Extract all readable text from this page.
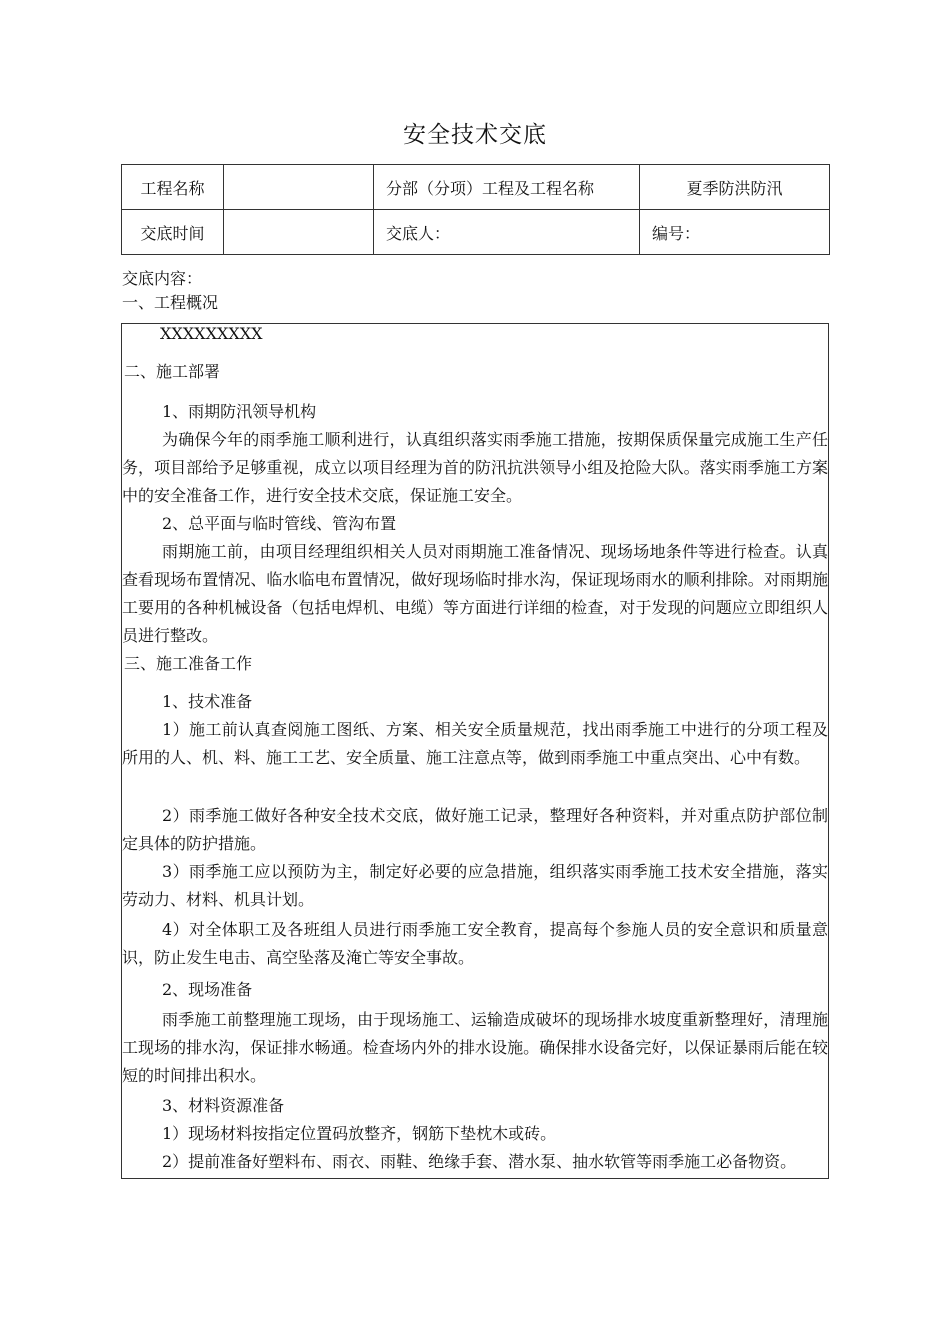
安全技术交底
工程名称		分部（分项）工程及工程名称	夏季防洪防汛
交底时间		交底人：	编号：
交底内容：
一、工程概况
XXXXXXXXX
二、施工部署
1、雨期防汛领导机构

为确保今年的雨季施工顺利进行，认真组织落实雨季施工措施，按期保质保量完成施工生产任务，项目部给予足够重视，成立以项目经理为首的防汛抗洪领导小组及抢险大队。落实雨季施工方案中的安全准备工作，进行安全技术交底，保证施工安全。

2、总平面与临时管线、管沟布置

雨期施工前，由项目经理组织相关人员对雨期施工准备情况、现场场地条件等进行检查。认真查看现场布置情况、临水临电布置情况，做好现场临时排水沟，保证现场雨水的顺利排除。对雨期施工要用的各种机械设备（包括电焊机、电缆）等方面进行详细的检查，对于发现的问题应立即组织人员进行整改。

三、施工准备工作
1、技术准备

1）施工前认真查阅施工图纸、方案、相关安全质量规范，找出雨季施工中进行的分项工程及所用的人、机、料、施工工艺、安全质量、施工注意点等，做到雨季施工中重点突出、心中有数。

2）雨季施工做好各种安全技术交底，做好施工记录，整理好各种资料，并对重点防护部位制定具体的防护措施。

3）雨季施工应以预防为主，制定好必要的应急措施，组织落实雨季施工技术安全措施，落实劳动力、材料、机具计划。

4）对全体职工及各班组人员进行雨季施工安全教育，提高每个参施人员的安全意识和质量意识，防止发生电击、高空坠落及淹亡等安全事故。

2、现场准备

雨季施工前整理施工现场，由于现场施工、运输造成破坏的现场排水坡度重新整理好，清理施工现场的排水沟，保证排水畅通。检查场内外的排水设施。确保排水设备完好，以保证暴雨后能在较短的时间排出积水。

3、材料资源准备

1）现场材料按指定位置码放整齐，钢筋下垫枕木或砖。

2）提前准备好塑料布、雨衣、雨鞋、绝缘手套、潜水泵、抽水软管等雨季施工必备物资。
